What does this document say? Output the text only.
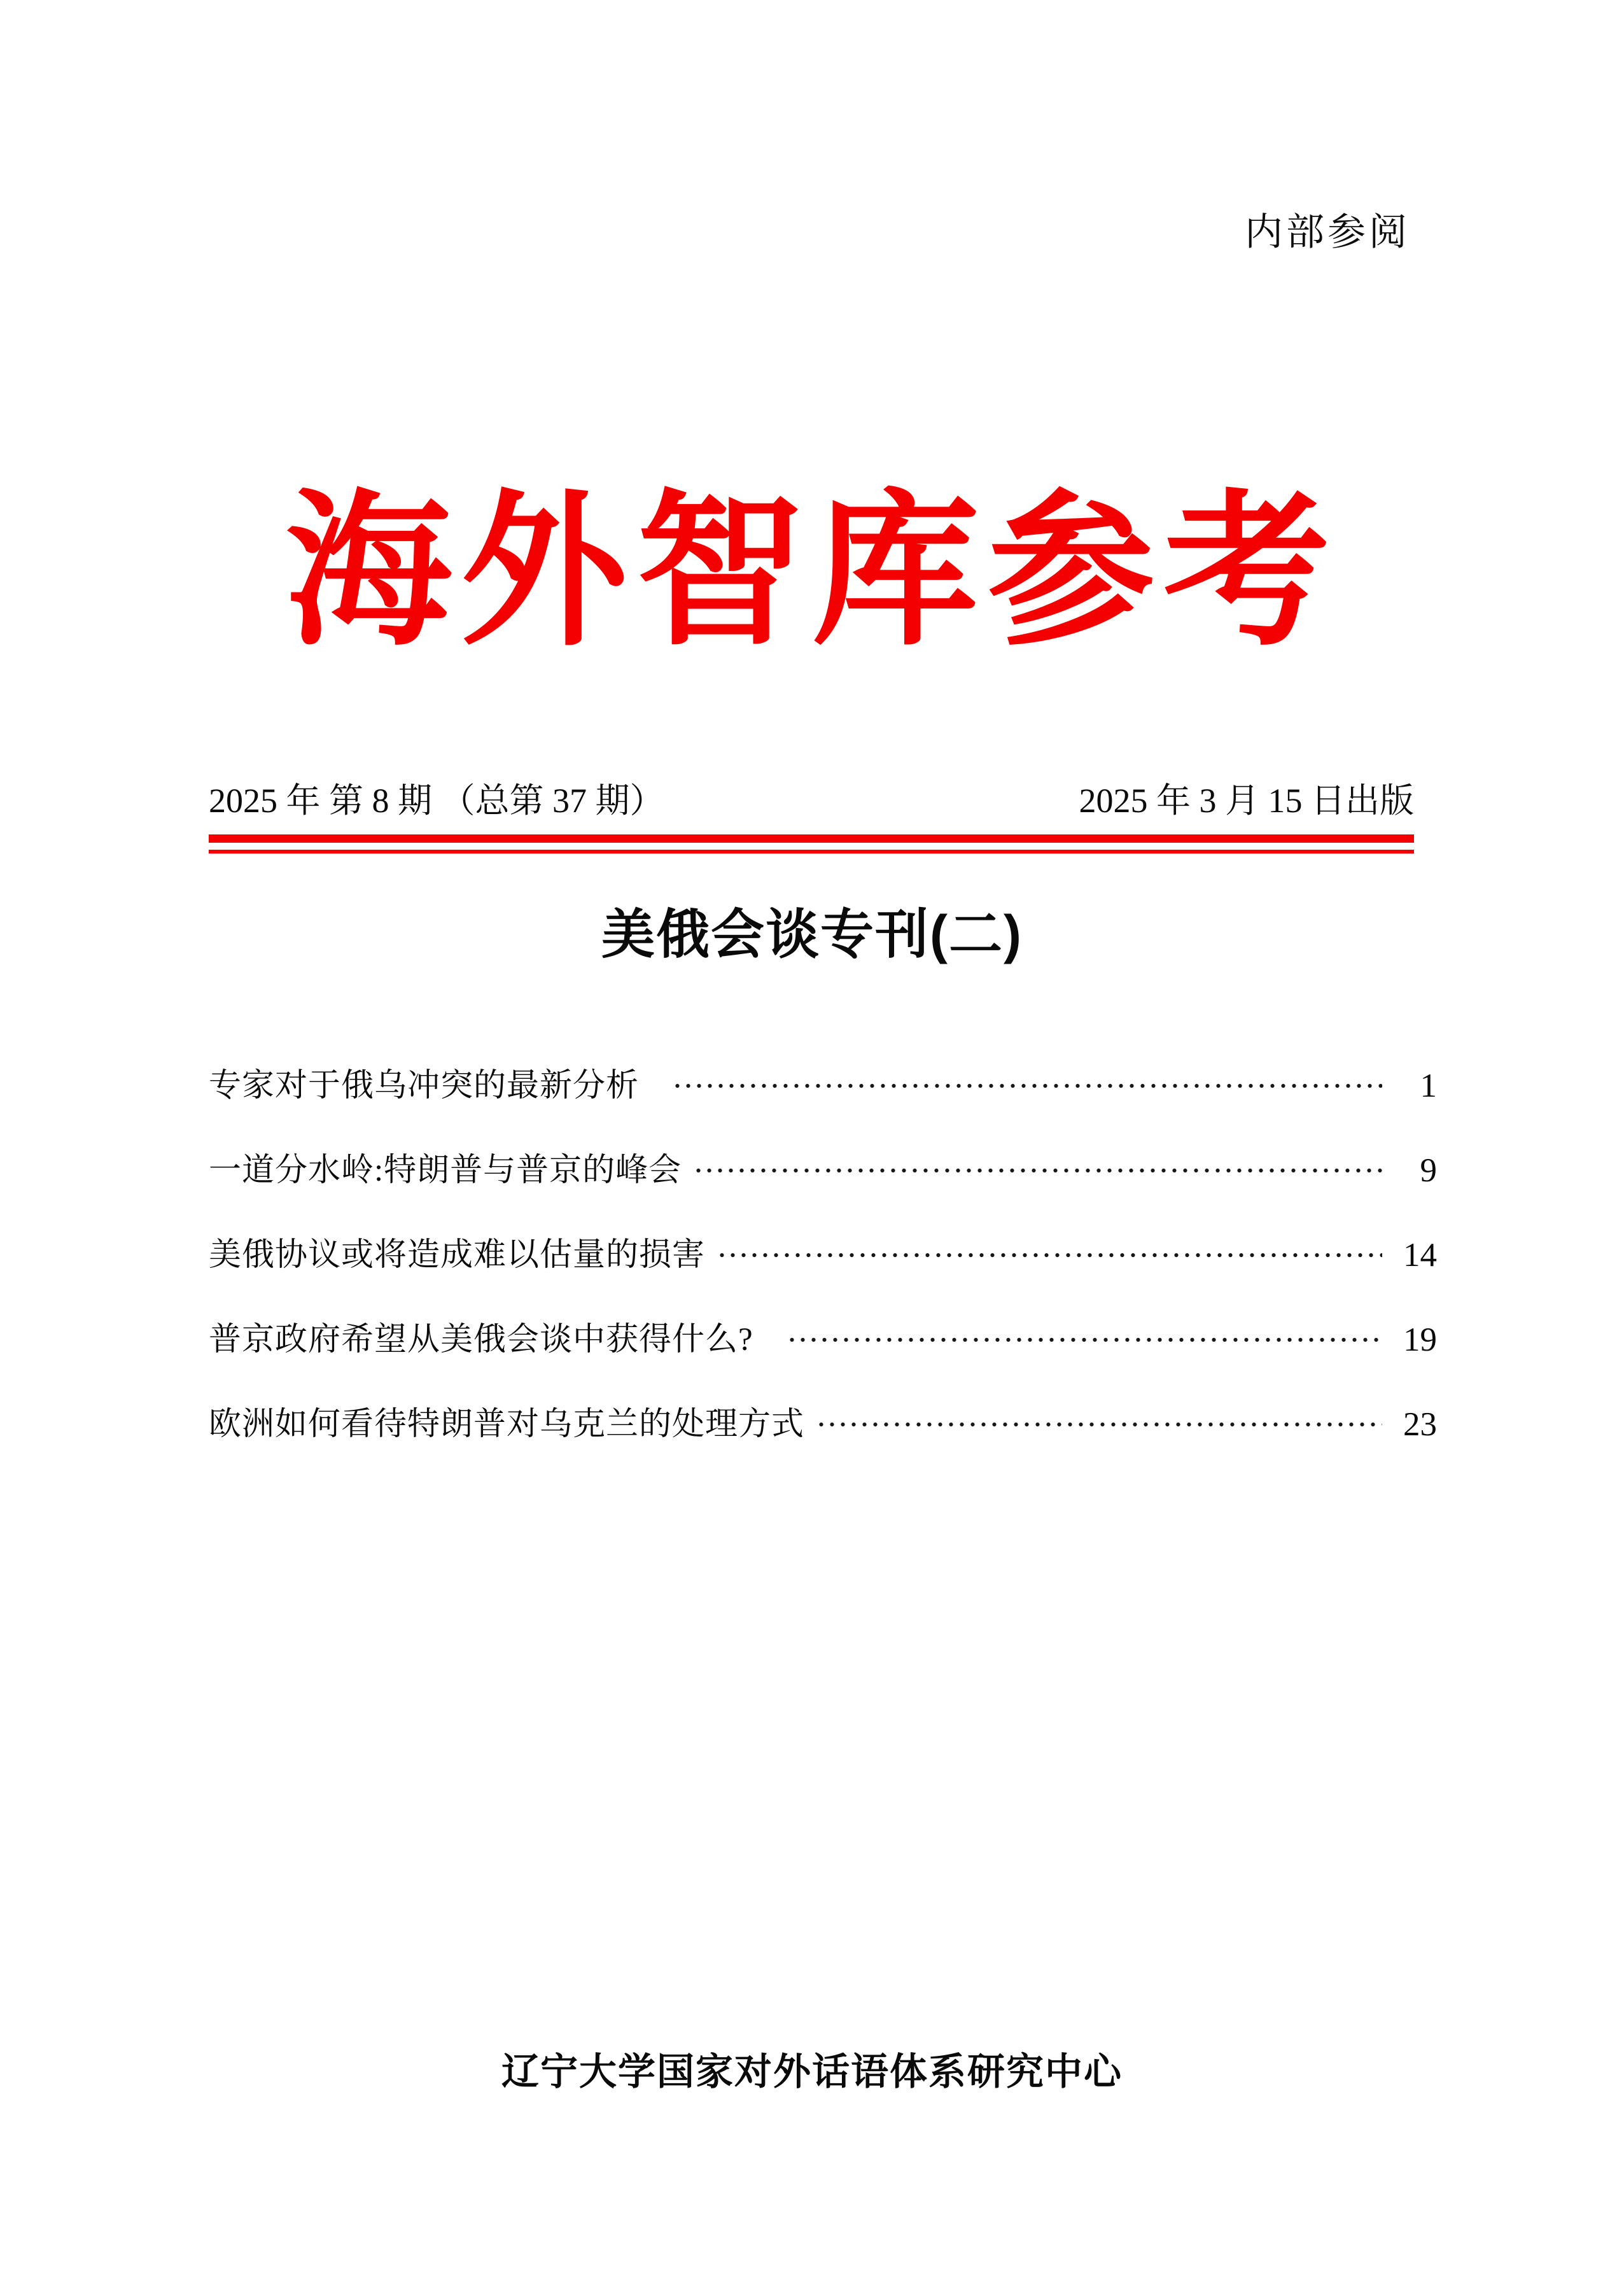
内部参阅
海外智库参考
2025 年 第 8 期 （总第 37 期）	2025 年 3 月 15 日出版
美俄会谈专刊(二)
专家对于俄乌冲突的最新分析	1
一道分水岭:特朗普与普京的峰会	9
美俄协议或将造成难以估量的损害	14
普京政府希望从美俄会谈中获得什么?	19
欧洲如何看待特朗普对乌克兰的处理方式	23
辽宁大学国家对外话语体系研究中心
